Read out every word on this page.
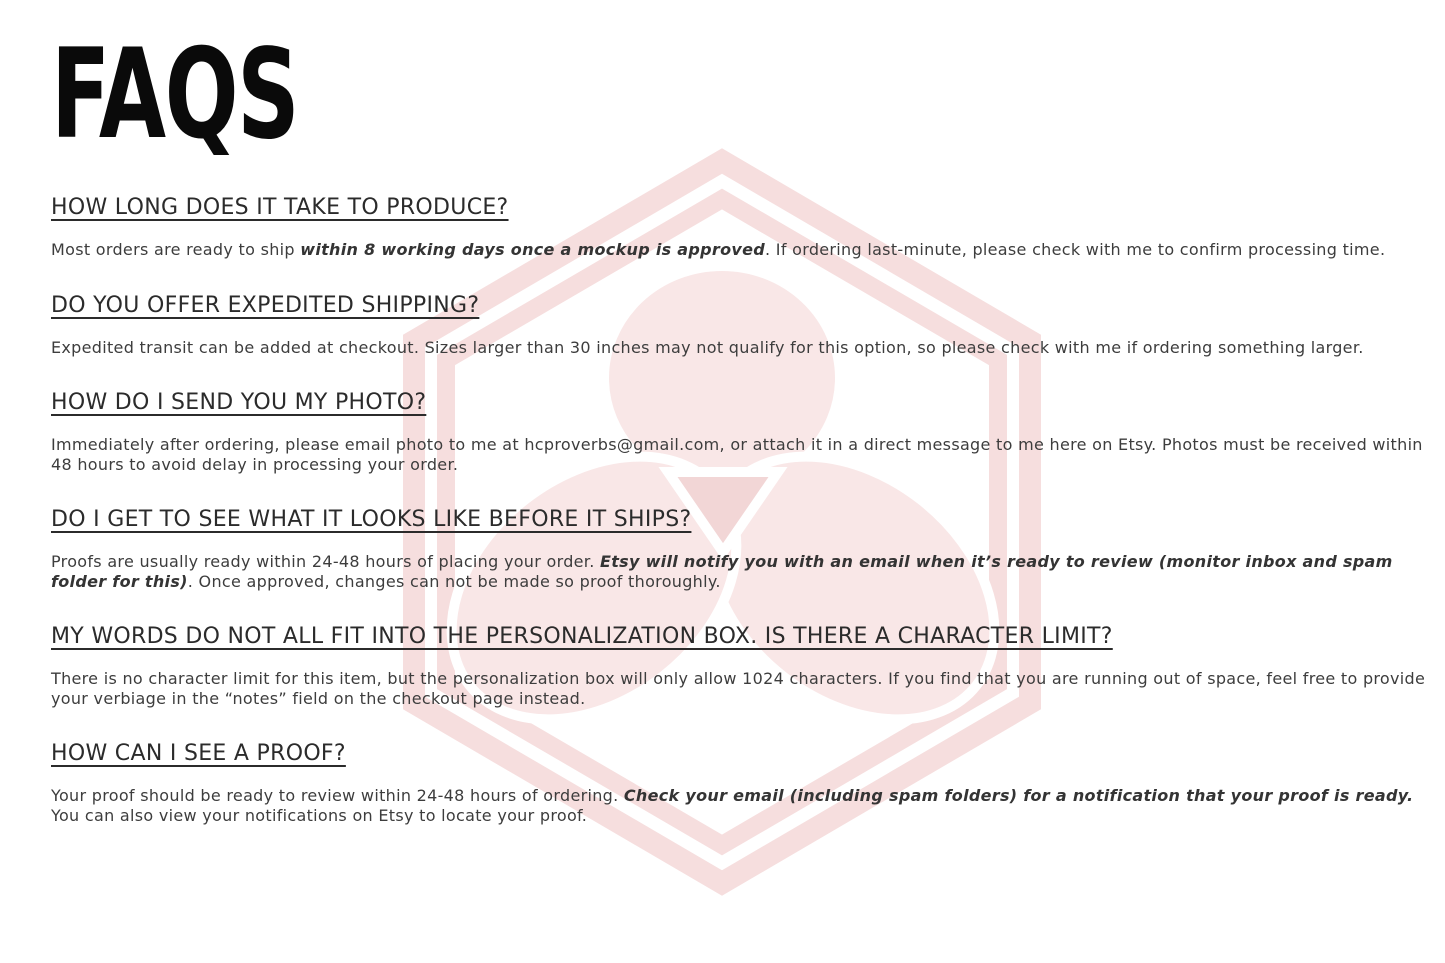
FAQS
HOW LONG DOES IT TAKE TO PRODUCE?

Most orders are ready to ship within 8 working days once a mockup is approved. If ordering last-minute, please check with me to confirm processing time.

DO YOU OFFER EXPEDITED SHIPPING?

Expedited transit can be added at checkout. Sizes larger than 30 inches may not qualify for this option, so please check with me if ordering something larger.

HOW DO I SEND YOU MY PHOTO?

Immediately after ordering, please email photo to me at hcproverbs@gmail.com, or attach it in a direct message to me here on Etsy. Photos must be received within
48 hours to avoid delay in processing your order.

DO I GET TO SEE WHAT IT LOOKS LIKE BEFORE IT SHIPS?

Proofs are usually ready within 24-48 hours of placing your order. Etsy will notify you with an email when it’s ready to review (monitor inbox and spam
folder for this). Once approved, changes can not be made so proof thoroughly.

MY WORDS DO NOT ALL FIT INTO THE PERSONALIZATION BOX. IS THERE A CHARACTER LIMIT?

There is no character limit for this item, but the personalization box will only allow 1024 characters. If you find that you are running out of space, feel free to provide
your verbiage in the “notes” field on the checkout page instead.

HOW CAN I SEE A PROOF?

Your proof should be ready to review within 24-48 hours of ordering. Check your email (including spam folders) for a notification that your proof is ready.
You can also view your notifications on Etsy to locate your proof.
